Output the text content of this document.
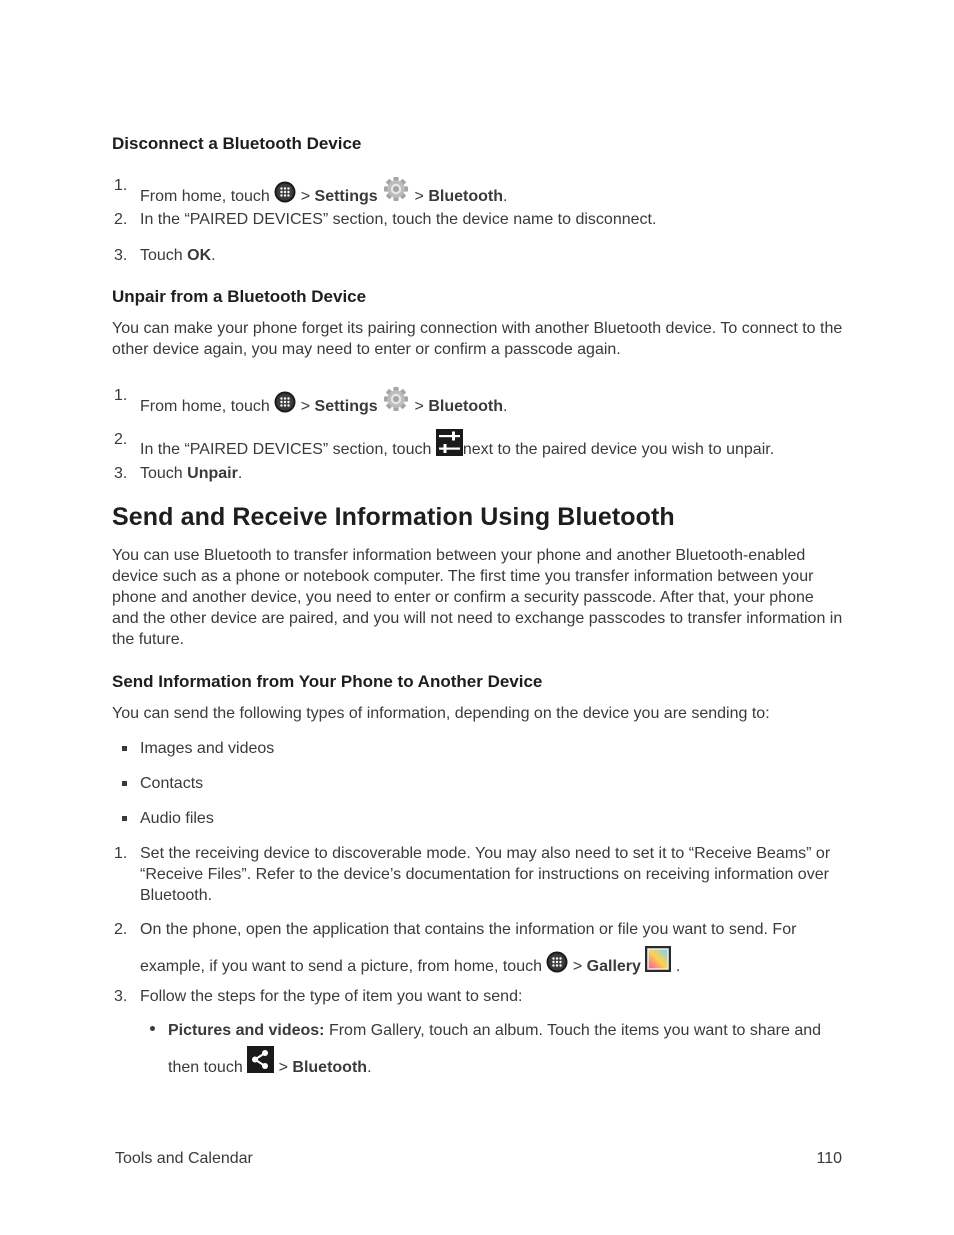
Disconnect a Bluetooth Device
1.
From home, touch  > Settings  > Bluetooth.
2. In the “PAIRED DEVICES” section, touch the device name to disconnect.
3. Touch OK.
Unpair from a Bluetooth Device

You can make your phone forget its pairing connection with another Bluetooth device. To connect to the other device again, you may need to enter or confirm a passcode again.

1.
From home, touch  > Settings  > Bluetooth.
2.
In the “PAIRED DEVICES” section, touch next to the paired device you wish to unpair.
3. Touch Unpair.
Send and Receive Information Using Bluetooth

You can use Bluetooth to transfer information between your phone and another Bluetooth-enabled device such as a phone or notebook computer. The first time you transfer information between your phone and another device, you need to enter or confirm a security passcode. After that, your phone and the other device are paired, and you will not need to exchange passcodes to transfer information in the future.

Send Information from Your Phone to Another Device

You can send the following types of information, depending on the device you are sending to:

Images and videos
Contacts
Audio files
1. Set the receiving device to discoverable mode. You may also need to set it to “Receive Beams” or “Receive Files”. Refer to the device’s documentation for instructions on receiving information over Bluetooth.
2. On the phone, open the application that contains the information or file you want to send. For example, if you want to send a picture, from home, touch  > Gallery  .
3. Follow the steps for the type of item you want to send:
Pictures and videos: From Gallery, touch an album. Touch the items you want to share and then touch  > Bluetooth.
Tools and Calendar	110
